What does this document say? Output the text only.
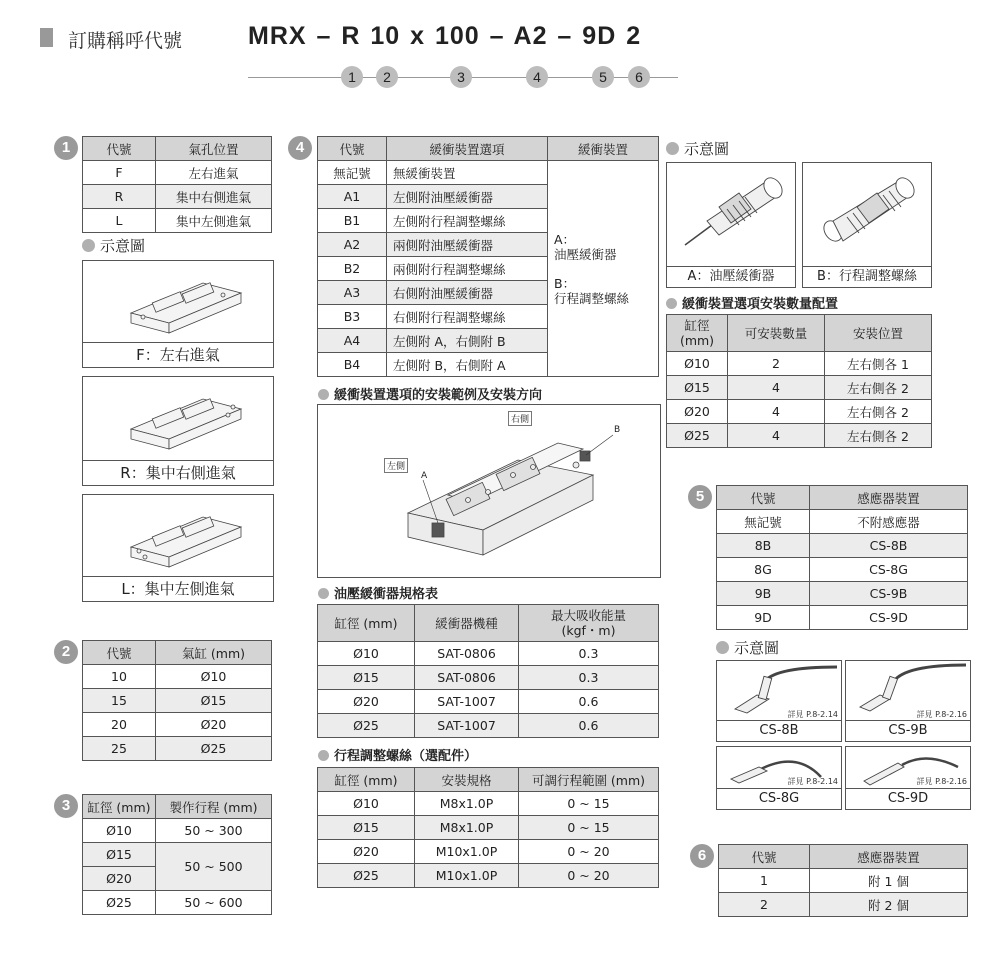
訂購稱呼代號	MRX – R 10 x 100 – A2 – 9D 2
1	2	3	4	5	6
1	代號	氣孔位置
F	左右進氣
R	集中右側進氣
L	集中左側進氣
示意圖
F：左右進氣
R：集中右側進氣
L：集中左側進氣
2	代號	氣缸 (mm)
10	Ø10
15	Ø15
20	Ø20
25	Ø25
3	缸徑 (mm)	製作行程 (mm)
Ø10	50 ~ 300
Ø15	50 ~ 500
Ø20	
Ø25	50 ~ 600
4	代號	緩衝裝置選項	緩衝裝置
無記號	無緩衝裝置	A：
油壓緩衝器
B：
行程調整螺絲

A1	左側附油壓緩衝器	
B1	左側附行程調整螺絲	
A2	兩側附油壓緩衝器	
B2	兩側附行程調整螺絲	
A3	右側附油壓緩衝器	
B3	右側附行程調整螺絲	
A4	左側附 A，右側附 B	
B4	左側附 B，右側附 A	
緩衝裝置選項的安裝範例及安裝方向
右側
左側
A
B
油壓緩衝器規格表
缸徑 (mm)	緩衝器機種	最大吸收能量
(kgf・m)
Ø10	SAT-0806	0.3
Ø15	SAT-0806	0.3
Ø20	SAT-1007	0.6
Ø25	SAT-1007	0.6
行程調整螺絲（選配件）
缸徑 (mm)	安裝規格	可調行程範圍 (mm)
Ø10	M8x1.0P	0 ~ 15
Ø15	M8x1.0P	0 ~ 15
Ø20	M10x1.0P	0 ~ 20
Ø25	M10x1.0P	0 ~ 20
示意圖
A：油壓緩衝器	B：行程調整螺絲
緩衝裝置選項安裝數量配置
缸徑
(mm)	可安裝數量	安裝位置
Ø10	2	左右側各 1
Ø15	4	左右側各 2
Ø20	4	左右側各 2
Ø25	4	左右側各 2
5	代號	感應器裝置
無記號	不附感應器
8B	CS-8B
8G	CS-8G
9B	CS-9B
9D	CS-9D
示意圖
詳見 P.8-2.14
CS-8B
詳見 P.8-2.16
CS-9B
詳見 P.8-2.14
CS-8G
詳見 P.8-2.16
CS-9D
6	代號	感應器裝置
1	附 1 個
2	附 2 個
